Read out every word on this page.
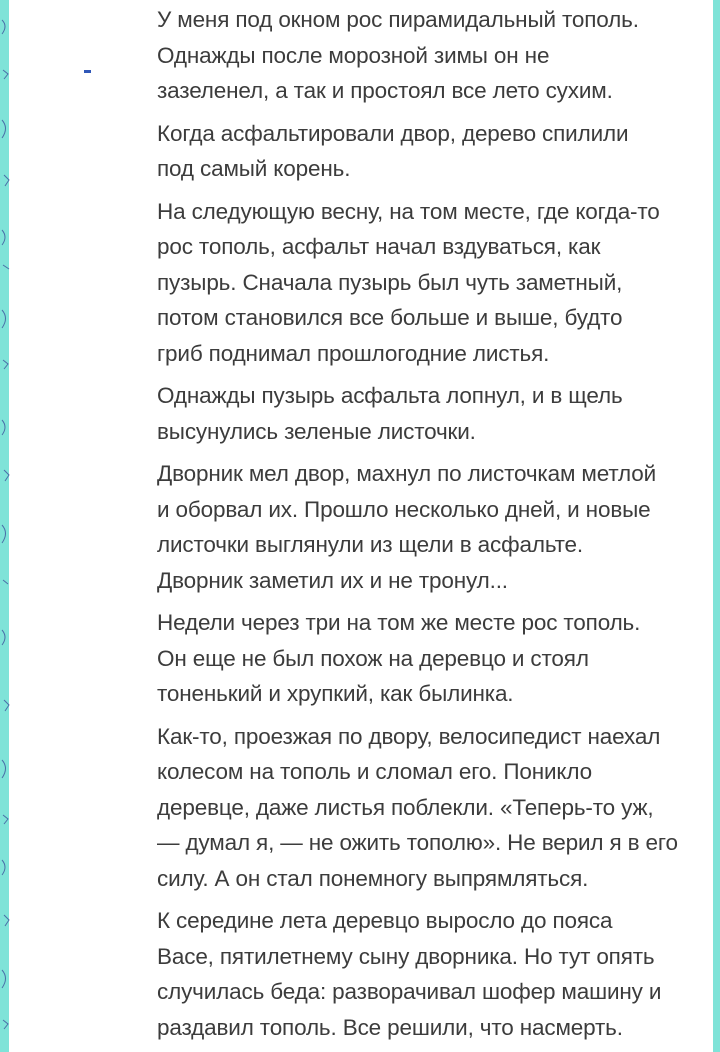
У меня под окном рос пирамидальный тополь.
Однажды после морозной зимы он не
зазеленел, а так и простоял все лето сухим.
Когда асфальтировали двор, дерево спилили
под самый корень.
На следующую весну, на том месте, где когда-то
рос тополь, асфальт начал вздуваться, как
пузырь. Сначала пузырь был чуть заметный,
потом становился все больше и выше, будто
гриб поднимал прошлогодние листья.
Однажды пузырь асфальта лопнул, и в щель
высунулись зеленые листочки.
Дворник мел двор, махнул по листочкам метлой
и оборвал их. Прошло несколько дней, и новые
листочки выглянули из щели в асфальте.
Дворник заметил их и не тронул...
Недели через три на том же месте рос тополь.
Он еще не был похож на деревцо и стоял
тоненький и хрупкий, как былинка.
Как-то, проезжая по двору, велосипедист наехал
колесом на тополь и сломал его. Поникло
деревце, даже листья поблекли. «Теперь-то уж,
— думал я, — не ожить тополю». Не верил я в его
силу. А он стал понемногу выпрямляться.
К середине лета деревцо выросло до пояса
Васе, пятилетнему сыну дворника. Но тут опять
случилась беда: разворачивал шофер машину и
раздавил тополь. Все решили, что насмерть.
